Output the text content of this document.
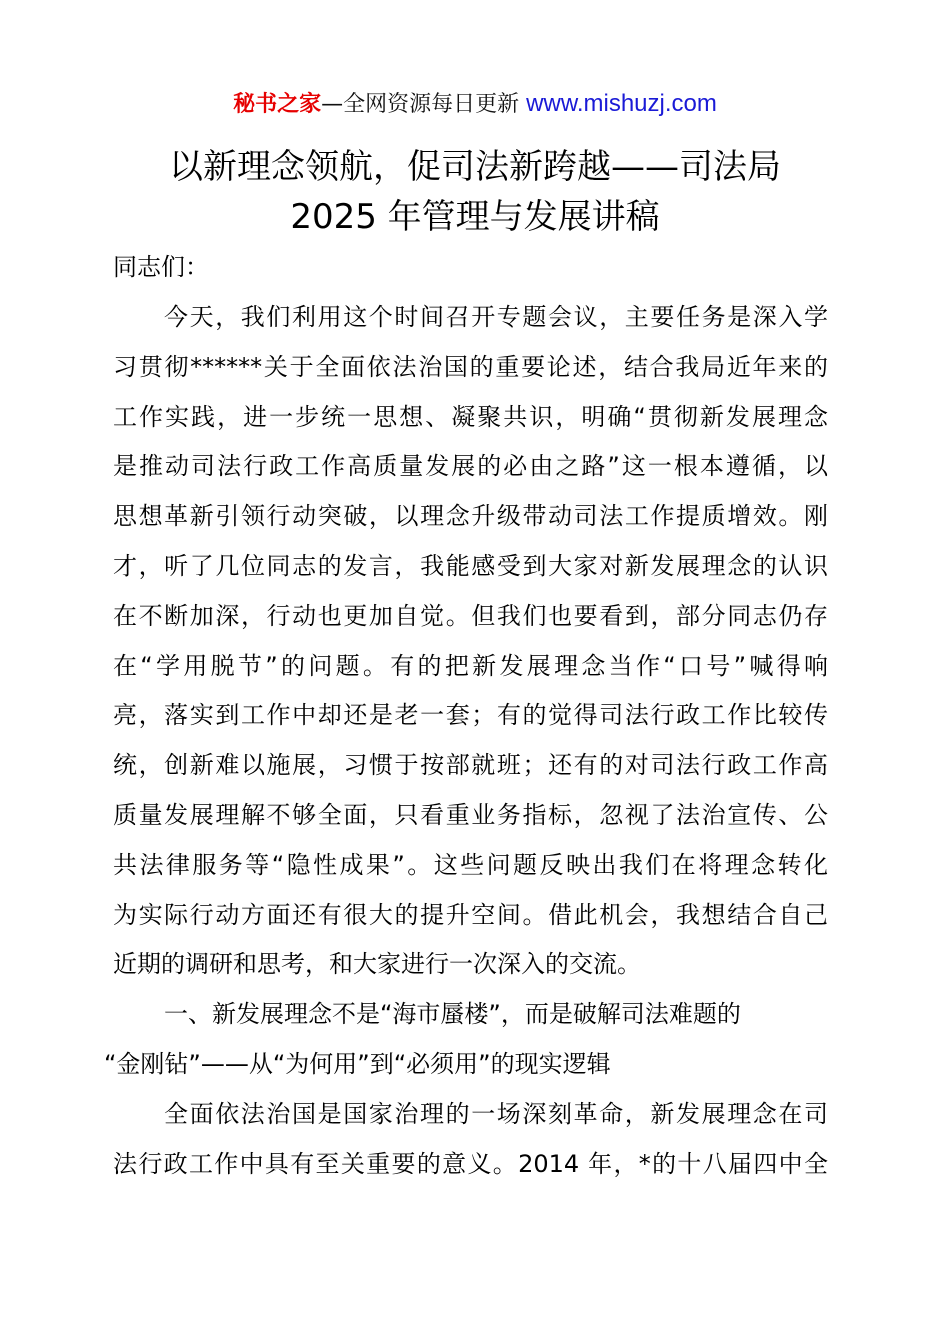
秘书之家—全网资源每日更新 www.mishuzj.com
以新理念领航，促司法新跨越——司法局
2025 年管理与发展讲稿
同志们：
今天，我们利用这个时间召开专题会议，主要任务是深入学
习贯彻******关于全面依法治国的重要论述，结合我局近年来的
工作实践，进一步统一思想、凝聚共识，明确“贯彻新发展理念
是推动司法行政工作高质量发展的必由之路”这一根本遵循，以
思想革新引领行动突破，以理念升级带动司法工作提质增效。刚
才，听了几位同志的发言，我能感受到大家对新发展理念的认识
在不断加深，行动也更加自觉。但我们也要看到，部分同志仍存
在“学用脱节”的问题。有的把新发展理念当作“口号”喊得响
亮，落实到工作中却还是老一套；有的觉得司法行政工作比较传
统，创新难以施展，习惯于按部就班；还有的对司法行政工作高
质量发展理解不够全面，只看重业务指标，忽视了法治宣传、公
共法律服务等“隐性成果”。这些问题反映出我们在将理念转化
为实际行动方面还有很大的提升空间。借此机会，我想结合自己
近期的调研和思考，和大家进行一次深入的交流。
一、新发展理念不是“海市蜃楼”，而是破解司法难题的
“金刚钻”——从“为何用”到“必须用”的现实逻辑
全面依法治国是国家治理的一场深刻革命，新发展理念在司
法行政工作中具有至关重要的意义。2014 年，*的十八届四中全
